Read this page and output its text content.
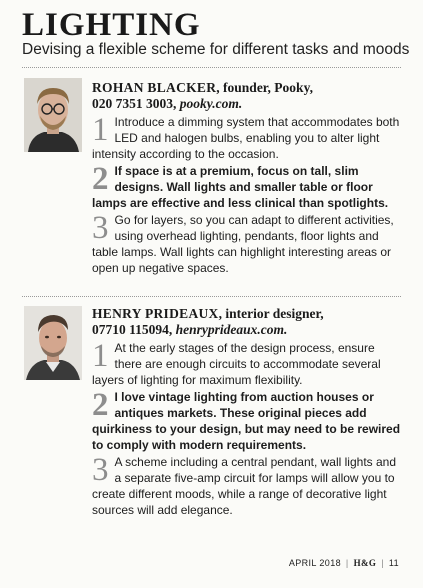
LIGHTING
Devising a flexible scheme for different tasks and moods
ROHAN BLACKER, founder, Pooky,
020 7351 3003, pooky.com.

1 Introduce a dimming system that accommodates both LED and halogen bulbs, enabling you to alter light intensity according to the occasion.

2 If space is at a premium, focus on tall, slim designs. Wall lights and smaller table or floor lamps are effective and less clinical than spotlights.

3 Go for layers, so you can adapt to different activities, using overhead lighting, pendants, floor lights and table lamps. Wall lights can highlight interesting areas or open up negative spaces.

HENRY PRIDEAUX, interior designer,
07710 115094, henryprideaux.com.

1 At the early stages of the design process, ensure there are enough circuits to accommodate several layers of lighting for maximum flexibility.

2 I love vintage lighting from auction houses or antiques markets. These original pieces add quirkiness to your design, but may need to be rewired to comply with modern requirements.

3 A scheme including a central pendant, wall lights and a separate five-amp circuit for lamps will allow you to create different moods, while a range of decorative light sources will add elegance.

APRIL 2018 | H&G | 11
